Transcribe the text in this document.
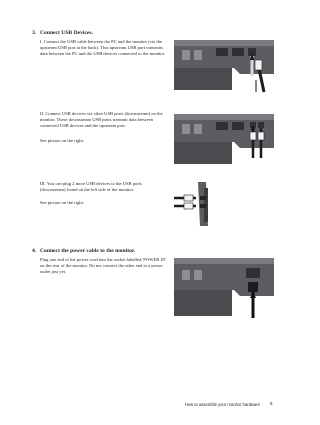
3. Connect USB Devices.

I. Connect the USB cable between the PC and the monitor (via the upstream USB port at the back). This upstream USB port transmits data between the PC and the USB devices connected to the monitor.

II. Connect USB devices via other USB ports (downstream) on the monitor. These downstream USB ports transmit data between connected USB devices and the upstream port.

See picture on the right.

III. You can plug 2 more USB devices to the USB ports (downstream) found on the left side of the monitor.

See picture on the right.

4. Connect the power cable to the monitor.

Plug one end of the power cord into the socket labelled 'POWER IN' on the rear of the monitor. Do not connect the other end to a power outlet just yet.

How to assemble your monitor hardware 9
